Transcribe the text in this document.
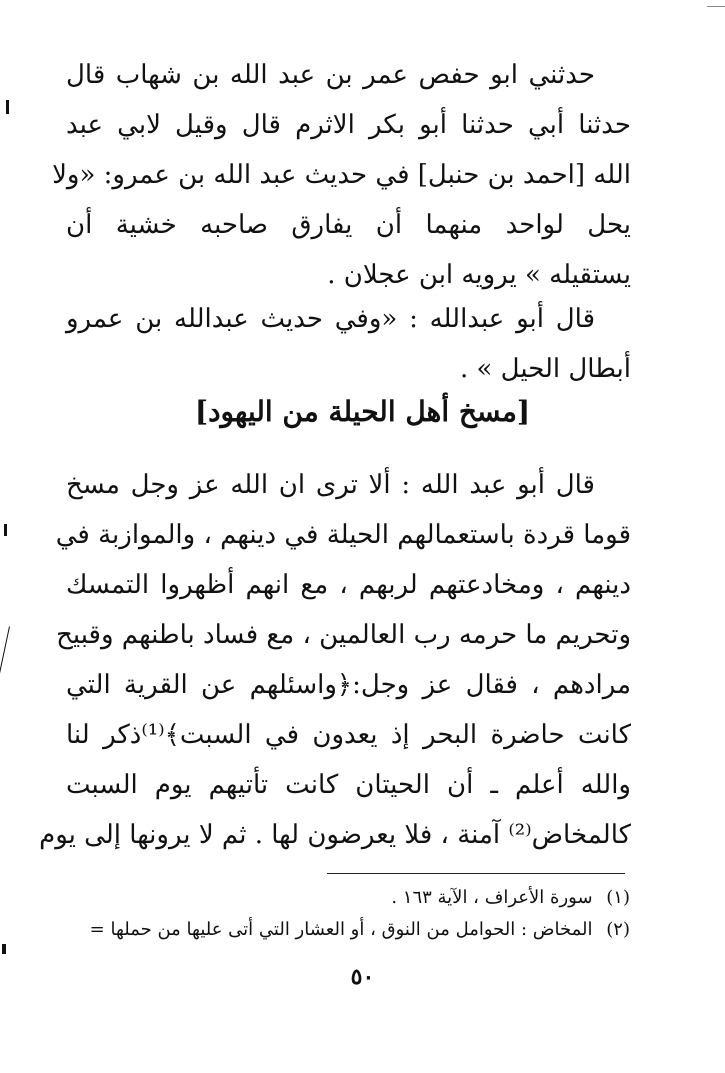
حدثني ابو حفص عمر بن عبد الله بن شهاب قال
حدثنا أبي حدثنا أبو بكر الاثرم قال وقيل لابي عبد
الله [احمد بن حنبل] في حديث عبد الله بن عمرو: «ولا
يحل لواحد منهما أن يفارق صاحبه خشية أن
يستقيله » يرويه ابن عجلان .
قال أبو عبدالله : «وفي حديث عبدالله بن عمرو
أبطال الحيل » .
[مسخ أهل الحيلة من اليهود]
قال أبو عبد الله : ألا ترى ان الله عز وجل مسخ
قوما قردة باستعمالهم الحيلة في دينهم ، والموازبة في
دينهم ، ومخادعتهم لربهم ، مع انهم أظهروا التمسك
وتحريم ما حرمه رب العالمين ، مع فساد باطنهم وقبيح
مرادهم ، فقال عز وجل:﴿واسئلهم عن القرية التي
كانت حاضرة البحر إذ يعدون في السبت﴾⁽¹⁾ذكر لنا
والله أعلم ـ أن الحيتان كانت تأتيهم يوم السبت
كالمخاض⁽²⁾ آمنة ، فلا يعرضون لها . ثم لا يرونها إلى يوم
(١) سورة الأعراف ، الآية ١٦٣ .
(٢) المخاض : الحوامل من النوق ، أو العشار التي أتى عليها من حملها =
٥٠
